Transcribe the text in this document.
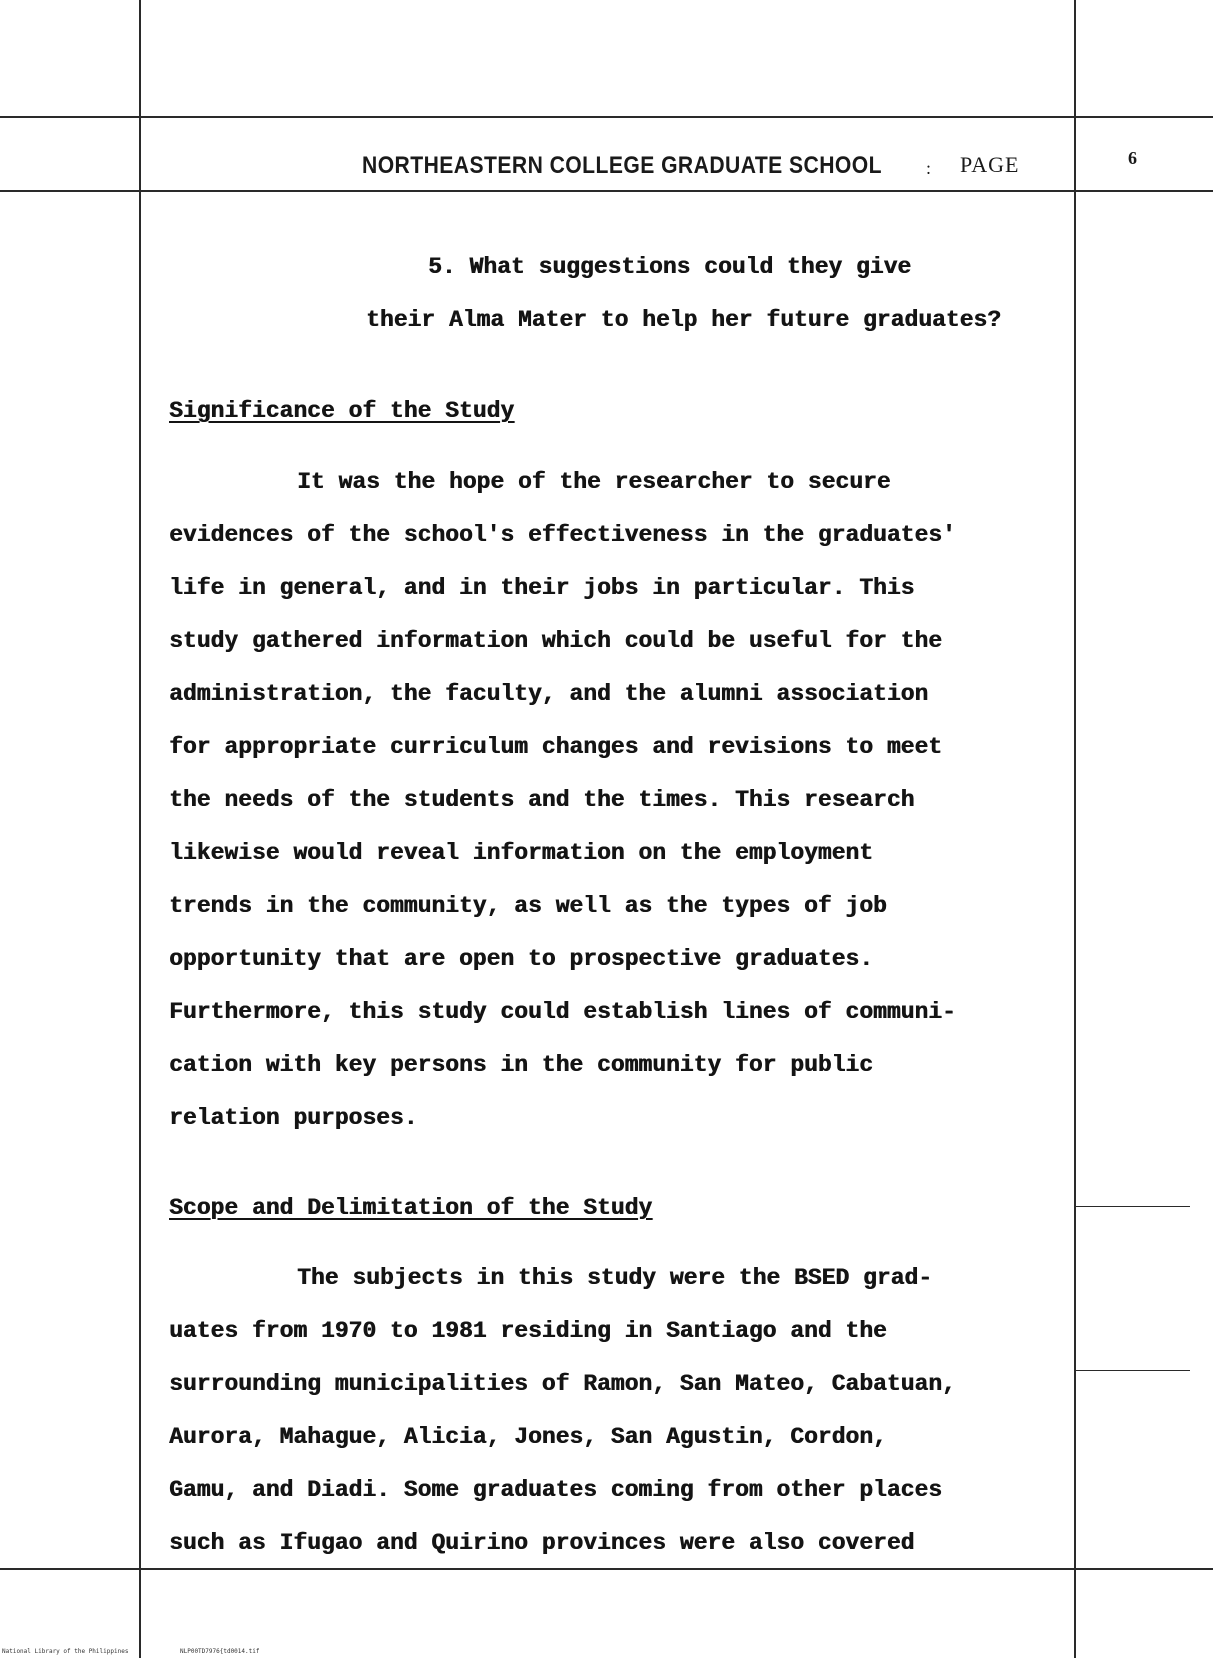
NORTHEASTERN COLLEGE GRADUATE SCHOOL : PAGE	6
5. What suggestions could they give
their Alma Mater to help her future graduates?
Significance of the Study
It was the hope of the researcher to secure
evidences of the school's effectiveness in the graduates'
life in general, and in their jobs in particular. This
study gathered information which could be useful for the
administration, the faculty, and the alumni association
for appropriate curriculum changes and revisions to meet
the needs of the students and the times. This research
likewise would reveal information on the employment
trends in the community, as well as the types of job
opportunity that are open to prospective graduates.
Furthermore, this study could establish lines of communi-
cation with key persons in the community for public
relation purposes.
Scope and Delimitation of the Study
The subjects in this study were the BSED grad-
uates from 1970 to 1981 residing in Santiago and the
surrounding municipalities of Ramon, San Mateo, Cabatuan,
Aurora, Mahague, Alicia, Jones, San Agustin, Cordon,
Gamu, and Diadi. Some graduates coming from other places
such as Ifugao and Quirino provinces were also covered
National Library of the Philippines	NLP00TD7976{td0014.tif
